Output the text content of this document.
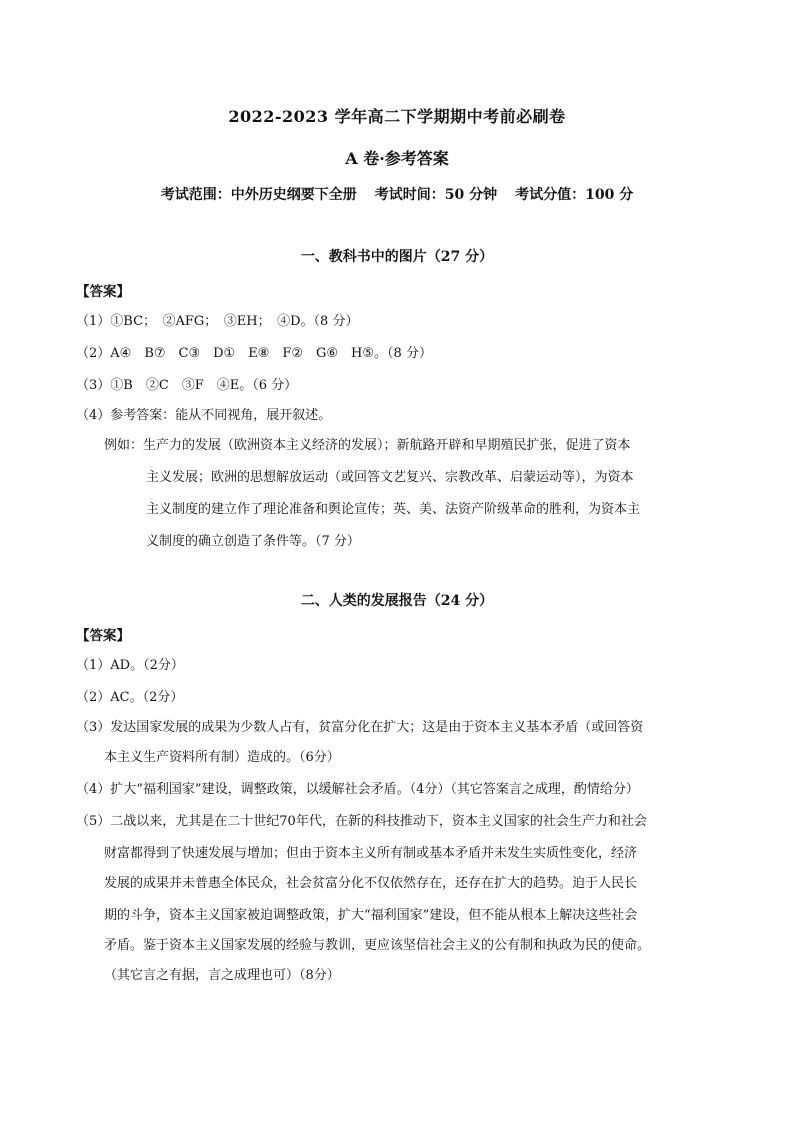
2022-2023 学年高二下学期期中考前必刷卷
A 卷·参考答案
考试范围：中外历史纲要下全册 考试时间：50 分钟 考试分值：100 分
一、教科书中的图片（27 分）
【答案】
（1）①BC；　②AFG；　③EH；　④D。（8 分）
（2）A④　B⑦　C③　D①　E⑧　F②　G⑥　H⑤。（8 分）
（3）①B　②C　③F　④E。（6 分）
（4）参考答案：能从不同视角，展开叙述。
例如：生产力的发展（欧洲资本主义经济的发展）；新航路开辟和早期殖民扩张，促进了资本
主义发展；欧洲的思想解放运动（或回答文艺复兴、宗教改革、启蒙运动等），为资本
主义制度的建立作了理论准备和舆论宣传；英、美、法资产阶级革命的胜利，为资本主
义制度的确立创造了条件等。（7 分）
二、人类的发展报告（24 分）
【答案】
（1）AD。（2分）
（2）AC。（2分）
（3）发达国家发展的成果为少数人占有，贫富分化在扩大；这是由于资本主义基本矛盾（或回答资
本主义生产资料所有制）造成的。（6分）
（4）扩大“福利国家”建设，调整政策，以缓解社会矛盾。（4分）（其它答案言之成理，酌情给分）
（5）二战以来，尤其是在二十世纪70年代，在新的科技推动下，资本主义国家的社会生产力和社会
财富都得到了快速发展与增加；但由于资本主义所有制或基本矛盾并未发生实质性变化，经济
发展的成果并未普惠全体民众，社会贫富分化不仅依然存在，还存在扩大的趋势。迫于人民长
期的斗争，资本主义国家被迫调整政策，扩大“福利国家”建设，但不能从根本上解决这些社会
矛盾。鉴于资本主义国家发展的经验与教训，更应该坚信社会主义的公有制和执政为民的使命。
（其它言之有据，言之成理也可）（8分）
